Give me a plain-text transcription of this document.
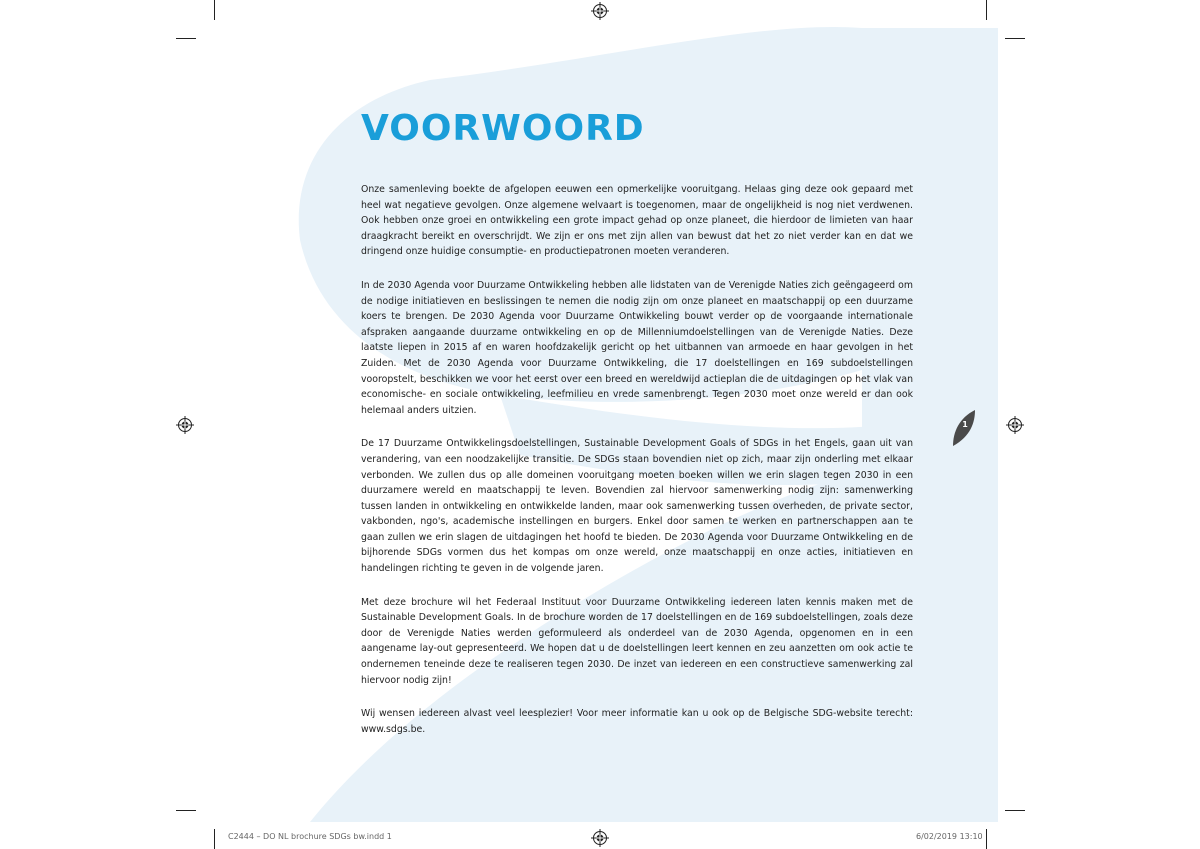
VOORWOORD

Onze samenleving boekte de afgelopen eeuwen een opmerkelijke vooruitgang. Helaas ging deze ook gepaard met heel wat negatieve gevolgen. Onze algemene welvaart is toegenomen, maar de ongelijkheid is nog niet verdwenen. Ook hebben onze groei en ontwikkeling een grote impact gehad op onze planeet, die hierdoor de limieten van haar draagkracht bereikt en overschrijdt. We zijn er ons met zijn allen van bewust dat het zo niet verder kan en dat we dringend onze huidige consumptie- en productiepatronen moeten veranderen.

In de 2030 Agenda voor Duurzame Ontwikkeling hebben alle lidstaten van de Verenigde Naties zich geëngageerd om de nodige initiatieven en beslissingen te nemen die nodig zijn om onze planeet en maatschappij op een duurzame koers te brengen. De 2030 Agenda voor Duurzame Ontwikkeling bouwt verder op de voorgaande internationale afspraken aangaande duurzame ontwikkeling en op de Millenniumdoelstellingen van de Verenigde Naties. Deze laatste liepen in 2015 af en waren hoofdzakelijk gericht op het uitbannen van armoede en haar gevolgen in het Zuiden. Met de 2030 Agenda voor Duurzame Ontwikkeling, die 17 doelstellingen en 169 subdoelstellingen vooropstelt, beschikken we voor het eerst over een breed en wereldwijd actieplan die de uitdagingen op het vlak van economische- en sociale ontwikkeling, leefmilieu en vrede samenbrengt. Tegen 2030 moet onze wereld er dan ook helemaal anders uitzien.

De 17 Duurzame Ontwikkelingsdoelstellingen, Sustainable Development Goals of SDGs in het Engels, gaan uit van verandering, van een noodzakelijke transitie. De SDGs staan bovendien niet op zich, maar zijn onderling met elkaar verbonden. We zullen dus op alle domeinen vooruitgang moeten boeken willen we erin slagen tegen 2030 in een duurzamere wereld en maatschappij te leven. Bovendien zal hiervoor samenwerking nodig zijn: samenwerking tussen landen in ontwikkeling en ontwikkelde landen, maar ook samenwerking tussen overheden, de private sector, vakbonden, ngo's, academische instellingen en burgers. Enkel door samen te werken en partnerschappen aan te gaan zullen we erin slagen de uitdagingen het hoofd te bieden. De 2030 Agenda voor Duurzame Ontwikkeling en de bijhorende SDGs vormen dus het kompas om onze wereld, onze maatschappij en onze acties, initiatieven en handelingen richting te geven in de volgende jaren.

Met deze brochure wil het Federaal Instituut voor Duurzame Ontwikkeling iedereen laten kennis maken met de Sustainable Development Goals. In de brochure worden de 17 doelstellingen en de 169 subdoelstellingen, zoals deze door de Verenigde Naties werden geformuleerd als onderdeel van de 2030 Agenda, opgenomen en in een aangename lay-out gepresenteerd. We hopen dat u de doelstellingen leert kennen en zeu aanzetten om ook actie te ondernemen teneinde deze te realiseren tegen 2030. De inzet van iedereen en een constructieve samenwerking zal hiervoor nodig zijn!

Wij wensen iedereen alvast veel leesplezier! Voor meer informatie kan u ook op de Belgische SDG-website terecht: www.sdgs.be.

1
C2444 – DO NL brochure SDGs bw.indd 1	6/02/2019 13:10
